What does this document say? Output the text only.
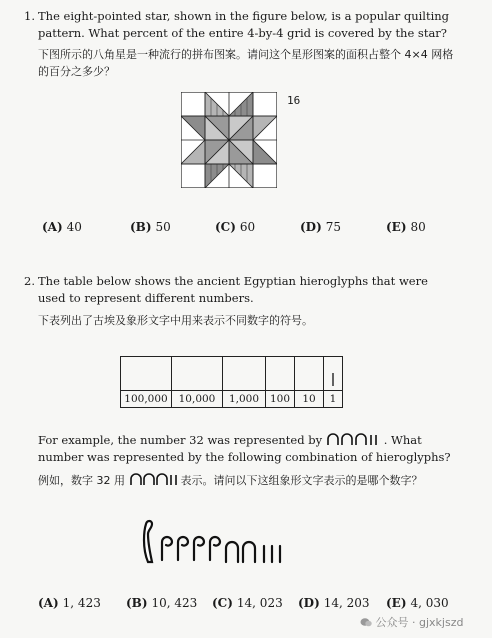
1. The eight-pointed star, shown in the figure below, is a popular quilting pattern. What percent of the entire 4-by-4 grid is covered by the star?
下图所示的八角星是一种流行的拼布图案。请问这个星形图案的面积占整个 4×4 网格的百分之多少？
16
(A) 40	(B) 50	(C) 60	(D) 75	(E) 80
2. The table below shows the ancient Egyptian hieroglyphs that were used to represent different numbers.
下表列出了古埃及象形文字中用来表示不同数字的符号。

100,000	10,000	1,000	100	10	1
For example, the number 32 was represented by	. What number was represented by the following combination of hieroglyphs?
例如，数字 32 用	表示。请问以下这组象形文字表示的是哪个数字？
(A) 1, 423 (B) 10, 423 (C) 14, 023 (D) 14, 203 (E) 4, 030
公众号 · gjxkjszd
